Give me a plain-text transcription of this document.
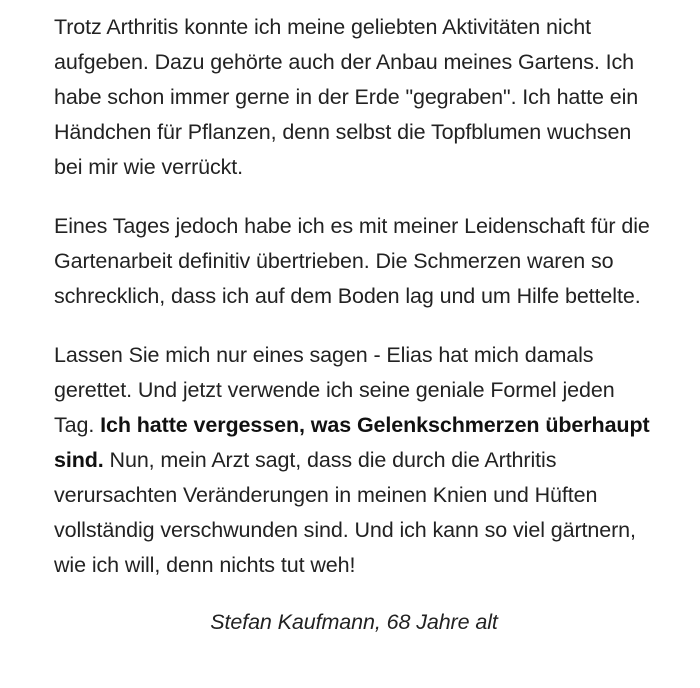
Trotz Arthritis konnte ich meine geliebten Aktivitäten nicht aufgeben. Dazu gehörte auch der Anbau meines Gartens. Ich habe schon immer gerne in der Erde "gegraben". Ich hatte ein Händchen für Pflanzen, denn selbst die Topfblumen wuchsen bei mir wie verrückt.

Eines Tages jedoch habe ich es mit meiner Leidenschaft für die Gartenarbeit definitiv übertrieben. Die Schmerzen waren so schrecklich, dass ich auf dem Boden lag und um Hilfe bettelte.

Lassen Sie mich nur eines sagen - Elias hat mich damals gerettet. Und jetzt verwende ich seine geniale Formel jeden Tag. Ich hatte vergessen, was Gelenkschmerzen überhaupt sind. Nun, mein Arzt sagt, dass die durch die Arthritis verursachten Veränderungen in meinen Knien und Hüften vollständig verschwunden sind. Und ich kann so viel gärtnern, wie ich will, denn nichts tut weh!

Stefan Kaufmann, 68 Jahre alt
